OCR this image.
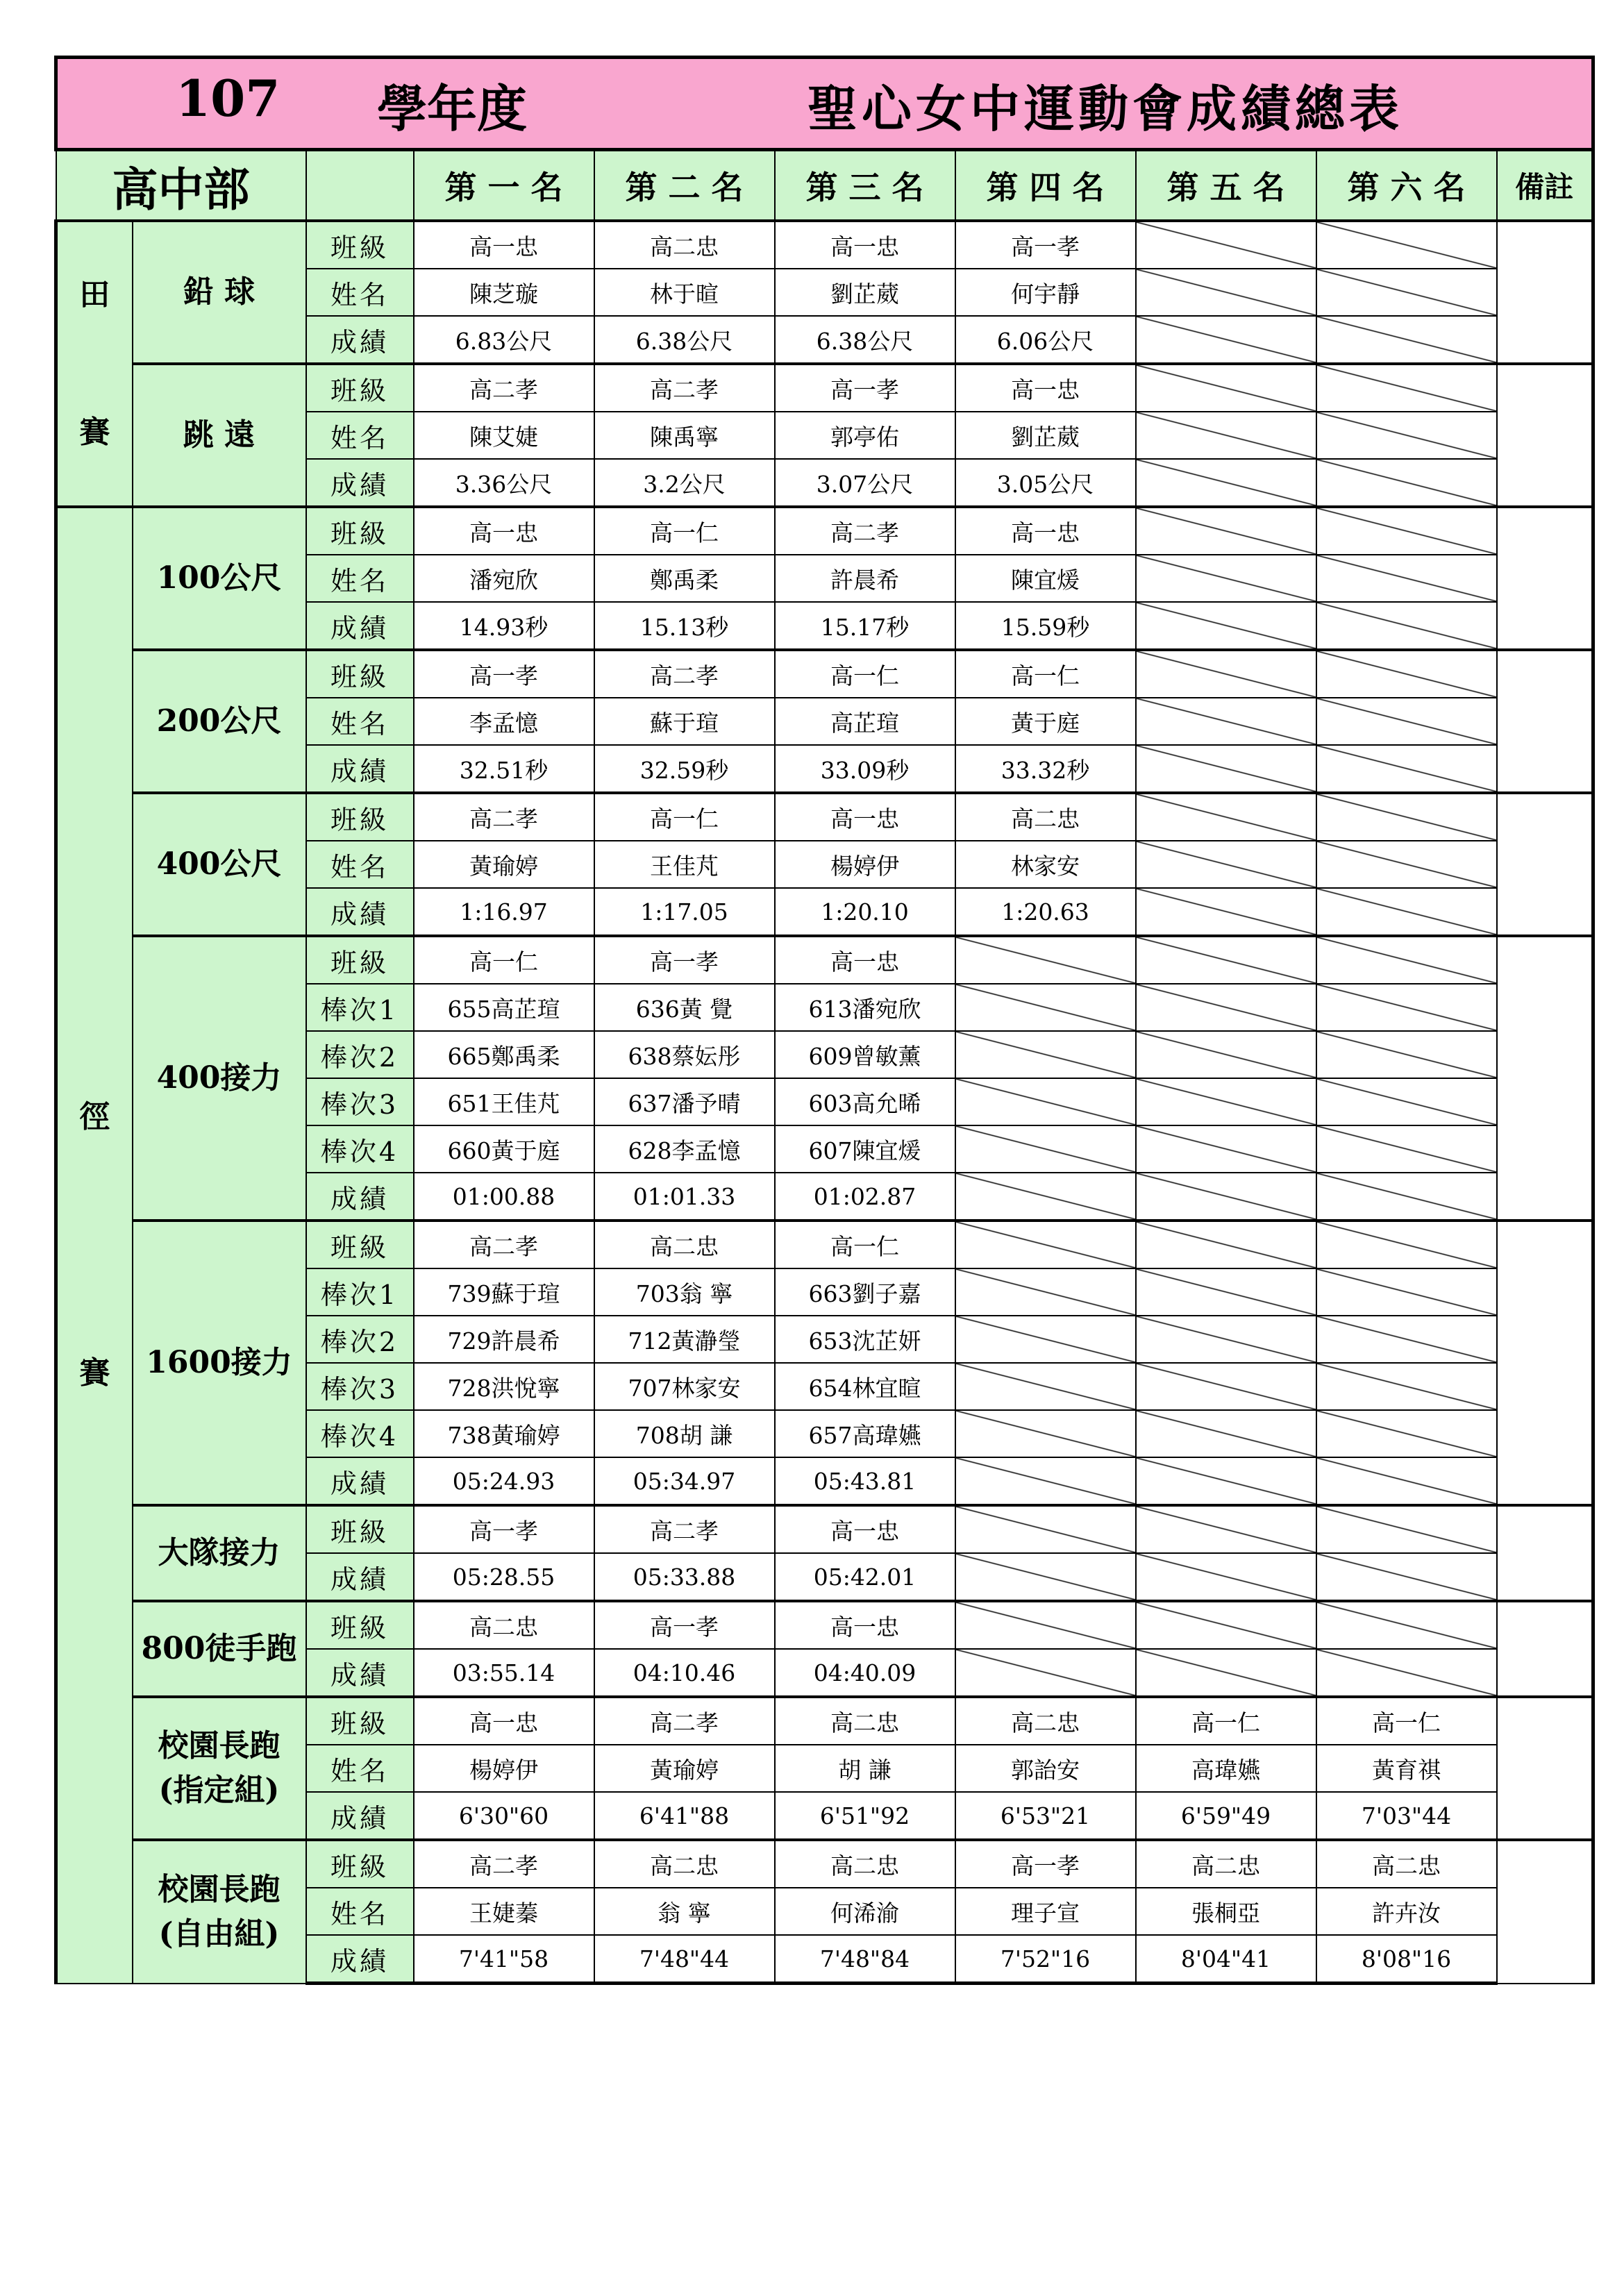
107 學年度 聖心女中運動會成績總表									

高中部			第 一 名	第 二 名	第 三 名	第 四 名	第 五 名	第 六 名	備註

田
賽	鉛 球	班級	高一忠	高二忠	高一忠	高一孝			
		姓名	陳芝璇	林于暄	劉芷葳	何宇靜			
		成績	6.83公尺	6.38公尺	6.38公尺	6.06公尺			
	跳 遠	班級	高二孝	高二孝	高一孝	高一忠			
		姓名	陳艾婕	陳禹寧	郭亭佑	劉芷葳			
		成績	3.36公尺	3.2公尺	3.07公尺	3.05公尺			

徑
賽	100公尺	班級	高一忠	高一仁	高二孝	高一忠			
		姓名	潘宛欣	鄭禹柔	許晨希	陳宜煖			
		成績	14.93秒	15.13秒	15.17秒	15.59秒			
	200公尺	班級	高一孝	高二孝	高一仁	高一仁			
		姓名	李孟憶	蘇于瑄	高芷瑄	黃于庭			
		成績	32.51秒	32.59秒	33.09秒	33.32秒			
	400公尺	班級	高二孝	高一仁	高一忠	高二忠			
		姓名	黃瑜婷	王佳芃	楊婷伊	林家安			
		成績	1:16.97	1:17.05	1:20.10	1:20.63			
	400接力	班級	高一仁	高一孝	高一忠				
		棒次1	655高芷瑄	636黃 覺	613潘宛欣				
		棒次2	665鄭禹柔	638蔡妘彤	609曾敏薰				
		棒次3	651王佳芃	637潘予晴	603高允晞				
		棒次4	660黃于庭	628李孟憶	607陳宜煖				
		成績	01:00.88	01:01.33	01:02.87				
	1600接力	班級	高二孝	高二忠	高一仁				
		棒次1	739蘇于瑄	703翁 寧	663劉子嘉				
		棒次2	729許晨希	712黃瀞瑩	653沈芷妍				
		棒次3	728洪悅寧	707林家安	654林宜暄				
		棒次4	738黃瑜婷	708胡 謙	657高瑋嬿				
		成績	05:24.93	05:34.97	05:43.81				
	大隊接力	班級	高一孝	高二孝	高一忠				
		成績	05:28.55	05:33.88	05:42.01				
	800徒手跑	班級	高二忠	高一孝	高一忠				
		成績	03:55.14	04:10.46	04:40.09				
	校園長跑
(指定組)	班級	高一忠	高二孝	高二忠	高二忠	高一仁	高一仁	
		姓名	楊婷伊	黃瑜婷	胡 謙	郭詒安	高瑋嬿	黃育祺	
		成績	6'30"60	6'41"88	6'51"92	6'53"21	6'59"49	7'03"44	
	校園長跑
(自由組)	班級	高二孝	高二忠	高二忠	高一孝	高二忠	高二忠	
		姓名	王婕蓁	翁 寧	何浠渝	理子宣	張桐亞	許卉汝	
		成績	7'41"58	7'48"44	7'48"84	7'52"16	8'04"41	8'08"16	
